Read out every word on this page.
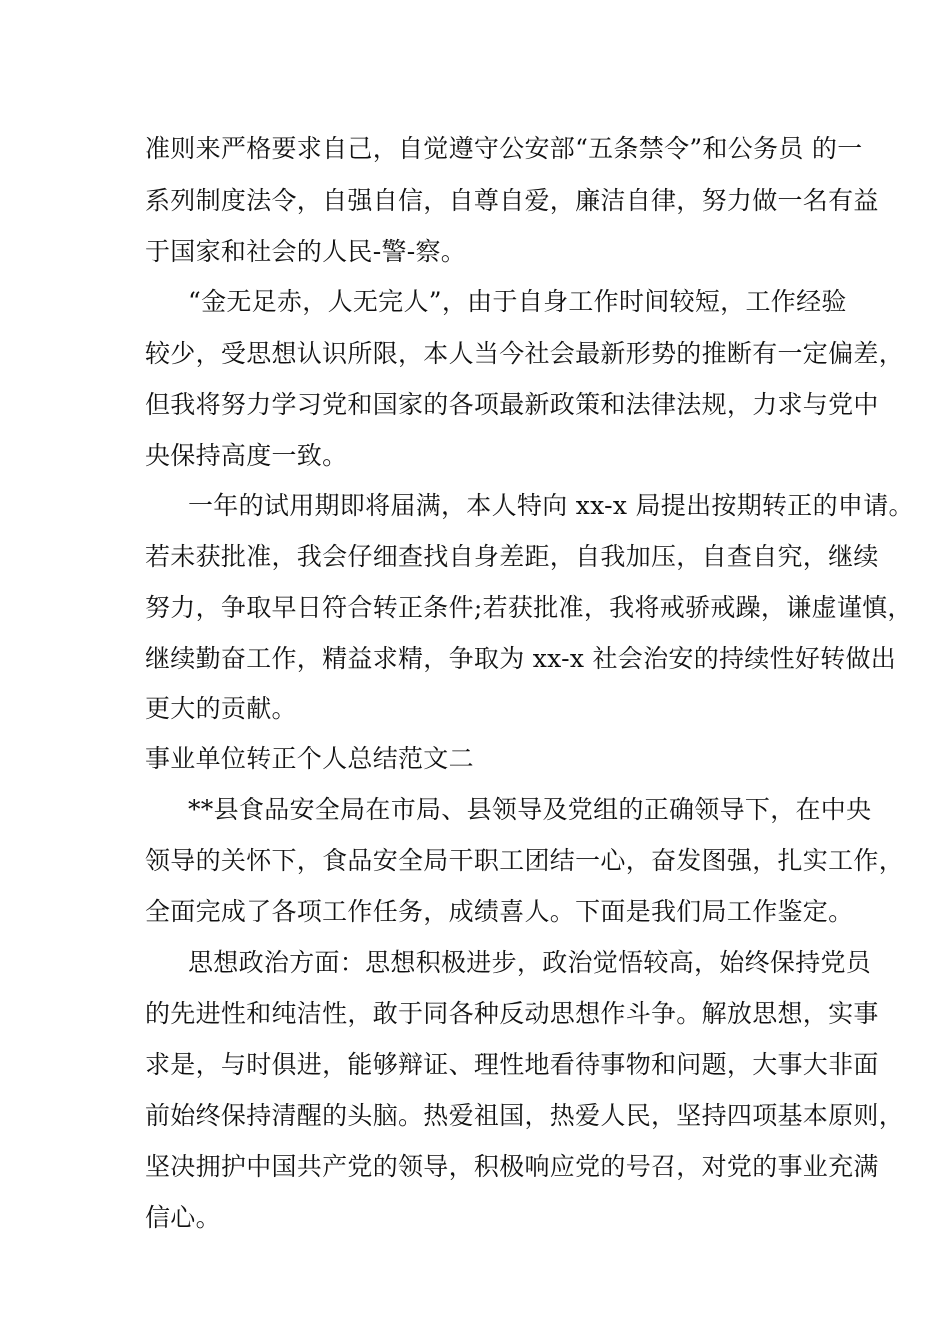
准则来严格要求自己，自觉遵守公安部“五条禁令”和公务员 的一
系列制度法令，自强自信，自尊自爱，廉洁自律，努力做一名有益
于国家和社会的人民-警-察。
“金无足赤，人无完人”，由于自身工作时间较短，工作经验
较少，受思想认识所限，本人当今社会最新形势的推断有一定偏差，
但我将努力学习党和国家的各项最新政策和法律法规，力求与党中
央保持高度一致。
一年的试用期即将届满，本人特向 xx-x 局提出按期转正的申请。
若未获批准，我会仔细查找自身差距，自我加压，自查自究，继续
努力，争取早日符合转正条件;若获批准，我将戒骄戒躁，谦虚谨慎，
继续勤奋工作，精益求精，争取为 xx-x 社会治安的持续性好转做出
更大的贡献。
事业单位转正个人总结范文二
**县食品安全局在市局、县领导及党组的正确领导下，在中央
领导的关怀下，食品安全局干职工团结一心，奋发图强，扎实工作，
全面完成了各项工作任务，成绩喜人。下面是我们局工作鉴定。
思想政治方面：思想积极进步，政治觉悟较高，始终保持党员
的先进性和纯洁性，敢于同各种反动思想作斗争。解放思想，实事
求是，与时俱进，能够辩证、理性地看待事物和问题，大事大非面
前始终保持清醒的头脑。热爱祖国，热爱人民，坚持四项基本原则，
坚决拥护中国共产党的领导，积极响应党的号召，对党的事业充满
信心。
